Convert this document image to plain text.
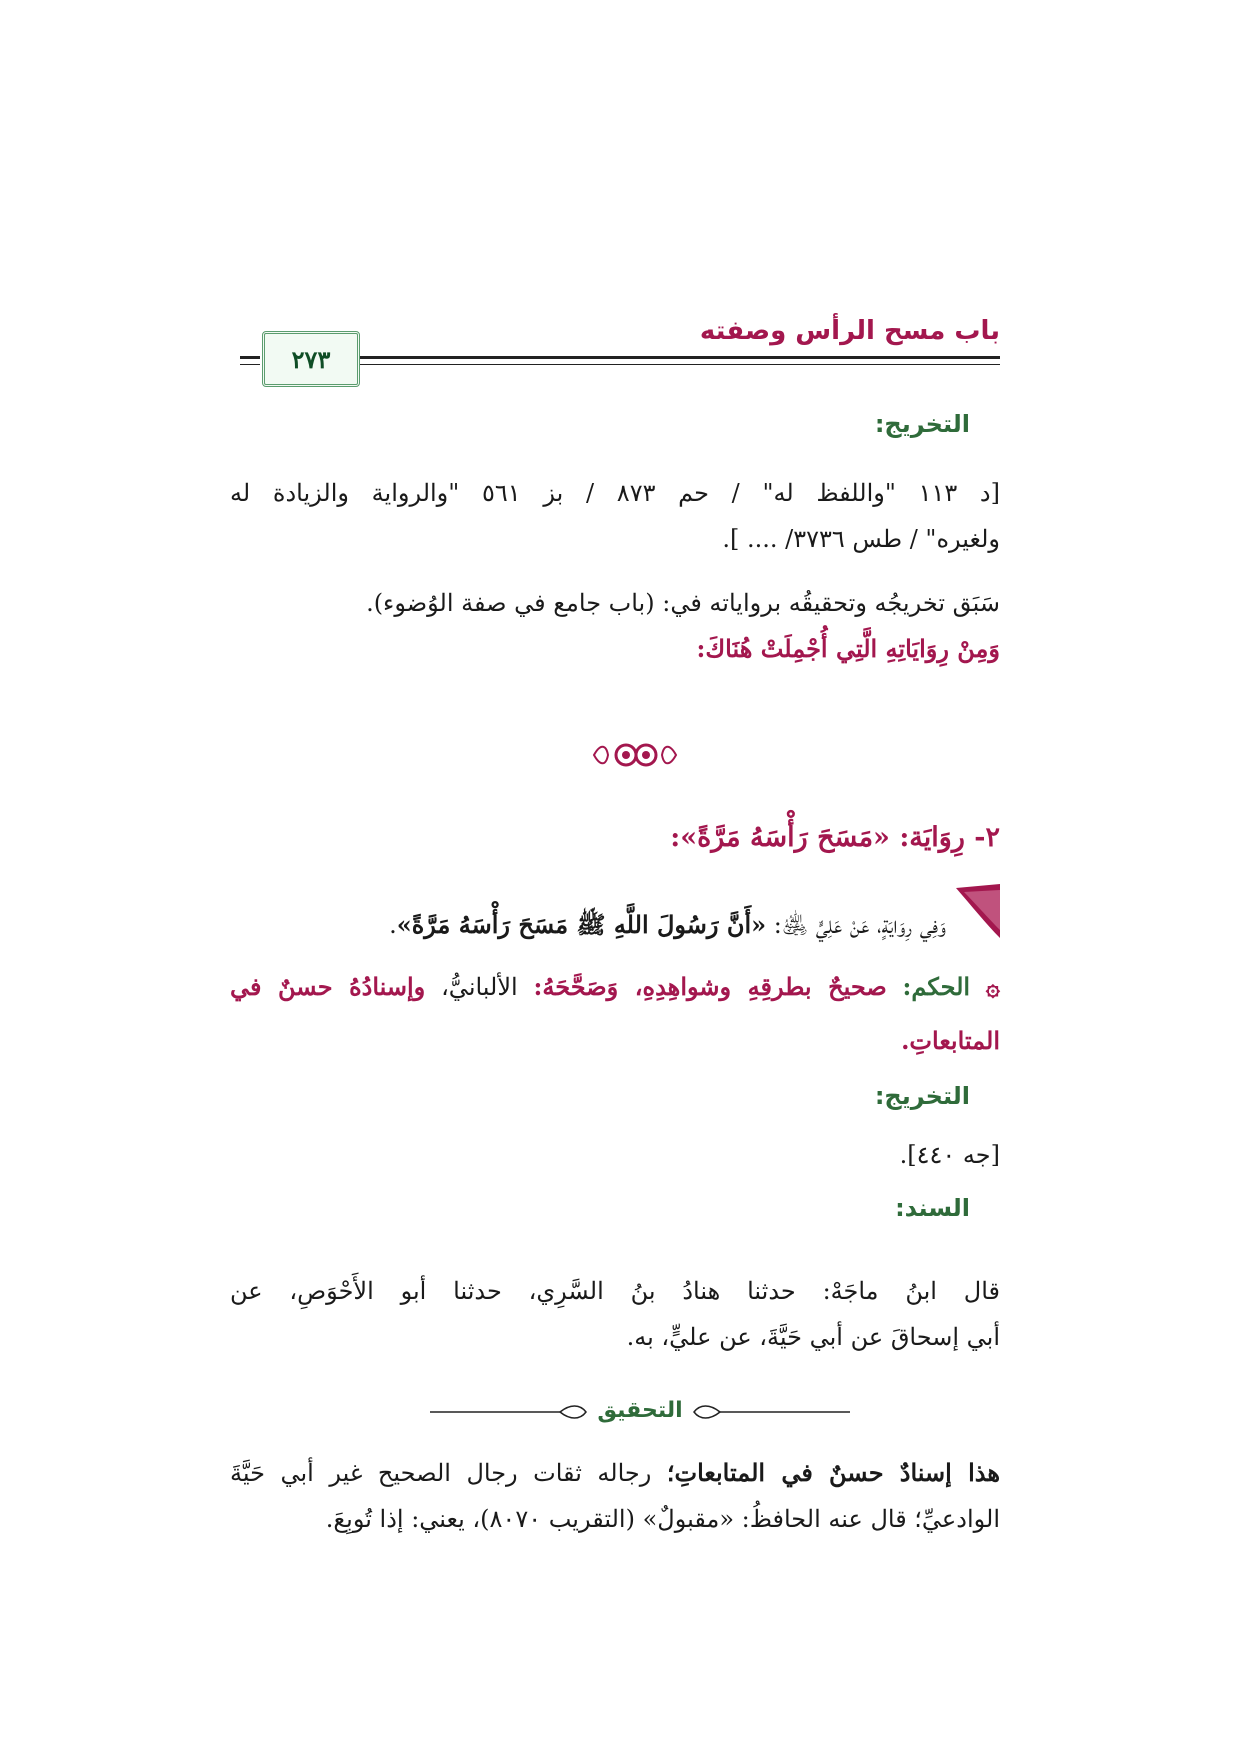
باب مسح الرأس وصفته
٢٧٣
التخريج:
[د ١١٣ "واللفظ له" / حم ٨٧٣ / بز ٥٦١ "والرواية والزيادة له
ولغيره" / طس ٣٧٣٦/ .... ].
سَبَق تخريجُه وتحقيقُه برواياته في: (باب جامع في صفة الوُضوء).
وَمِنْ رِوَايَاتِهِ الَّتِي أُجْمِلَتْ هُنَاكَ:
٢- رِوَايَة: «مَسَحَ رَأْسَهُ مَرَّةً»:
وَفِي رِوَايَةٍ، عَنْ عَلِيٍّ ﵁: «أَنَّ رَسُولَ اللَّهِ ﷺ مَسَحَ رَأْسَهُ مَرَّةً».
۞ الحكم: صحيحٌ بطرقِهِ وشواهِدِهِ، وَصَحَّحَهُ: الألبانيُّ، وإسنادُهُ حسنٌ في
المتابعاتِ.
التخريج:
[جه ٤٤٠].
السند:
قال ابنُ ماجَهْ: حدثنا هنادُ بنُ السَّرِي، حدثنا أبو الأَحْوَصِ، عن
أبي إسحاقَ عن أبي حَيَّةَ، عن عليٍّ، به.
التحقيق
هذا إسنادٌ حسنٌ في المتابعاتِ؛ رجاله ثقات رجال الصحيح غير أبي حَيَّةَ
الوادعيِّ؛ قال عنه الحافظُ: «مقبولٌ» (التقريب ٨٠٧٠)، يعني: إذا تُوبِعَ.
